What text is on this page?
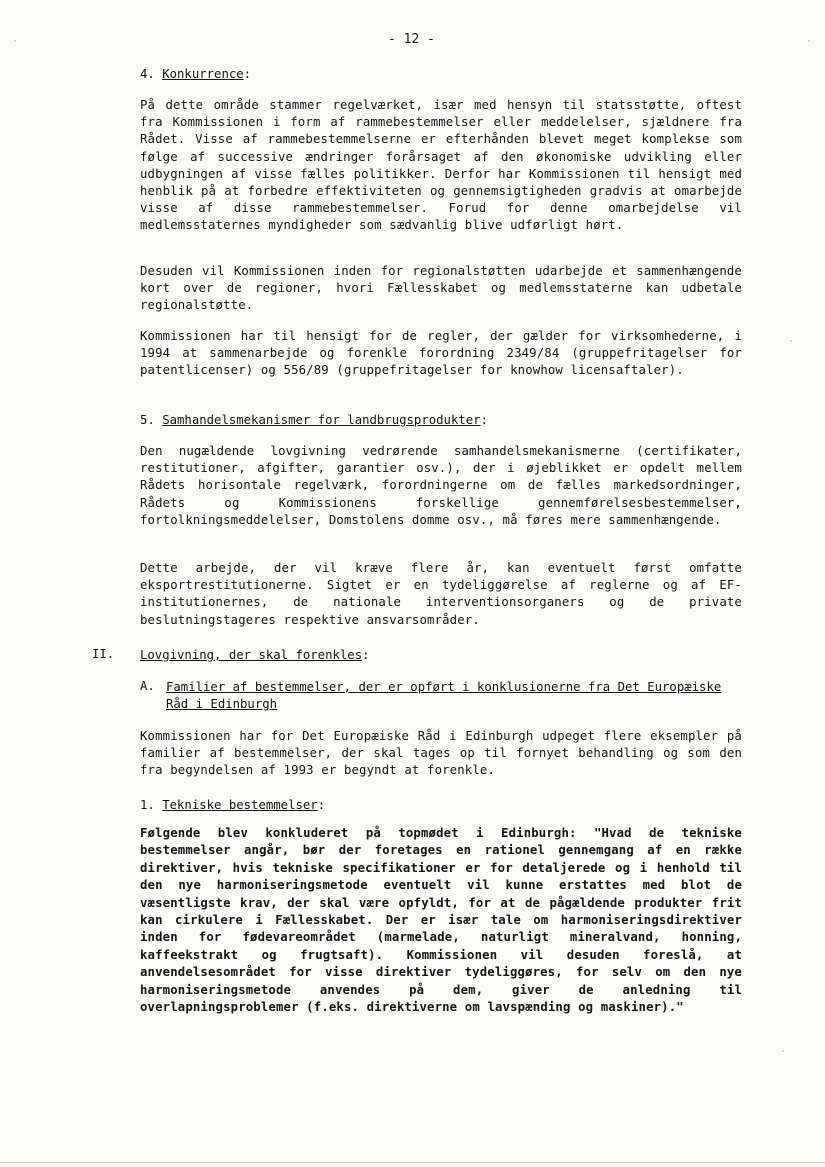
- 12 -
4. Konkurrence:
På dette område stammer regelværket, især med hensyn til statsstøtte, oftest fra Kommissionen i form af rammebestemmelser eller meddelelser, sjældnere fra Rådet. Visse af rammebestemmelserne er efterhånden blevet meget komplekse som følge af successive ændringer forårsaget af den økonomiske udvikling eller udbygningen af visse fælles politikker. Derfor har Kommissionen til hensigt med henblik på at forbedre effektiviteten og gennemsigtigheden gradvis at omarbejde visse af disse rammebestemmelser. Forud for denne omarbejdelse vil medlemsstaternes myndigheder som sædvanlig blive udførligt hørt.
Desuden vil Kommissionen inden for regionalstøtten udarbejde et sammenhængende kort over de regioner, hvori Fællesskabet og medlemsstaterne kan udbetale regionalstøtte.
Kommissionen har til hensigt for de regler, der gælder for virksomhederne, i 1994 at sammenarbejde og forenkle forordning 2349/84 (gruppefritagelser for patentlicenser) og 556/89 (gruppefritagelser for knowhow licensaftaler).
5. Samhandelsmekanismer for landbrugsprodukter:
Den nugældende lovgivning vedrørende samhandelsmekanismerne (certifikater, restitutioner, afgifter, garantier osv.), der i øjeblikket er opdelt mellem Rådets horisontale regelværk, forordningerne om de fælles markedsordninger, Rådets og Kommissionens forskellige gennemførelsesbestemmelser, fortolkningsmeddelelser, Domstolens domme osv., må føres mere sammenhængende.
Dette arbejde, der vil kræve flere år, kan eventuelt først omfatte eksportrestitutionerne. Sigtet er en tydeliggørelse af reglerne og af EF-institutionernes, de nationale interventionsorganers og de private beslutningstageres respektive ansvarsområder.
II. Lovgivning, der skal forenkles:
A. Familier af bestemmelser, der er opført i konklusionerne fra Det Europæiske Råd i Edinburgh
Kommissionen har for Det Europæiske Råd i Edinburgh udpeget flere eksempler på familier af bestemmelser, der skal tages op til fornyet behandling og som den fra begyndelsen af 1993 er begyndt at forenkle.
1. Tekniske bestemmelser:
Følgende blev konkluderet på topmødet i Edinburgh: "Hvad de tekniske bestemmelser angår, bør der foretages en rationel gennemgang af en række direktiver, hvis tekniske specifikationer er for detaljerede og i henhold til den nye harmoniseringsmetode eventuelt vil kunne erstattes med blot de væsentligste krav, der skal være opfyldt, for at de pågældende produkter frit kan cirkulere i Fællesskabet. Der er især tale om harmoniseringsdirektiver inden for fødevareområdet (marmelade, naturligt mineralvand, honning, kaffeekstrakt og frugtsaft). Kommissionen vil desuden foreslå, at anvendelsesområdet for visse direktiver tydeliggøres, for selv om den nye harmoniseringsmetode anvendes på dem, giver de anledning til overlapningsproblemer (f.eks. direktiverne om lavspænding og maskiner)."
